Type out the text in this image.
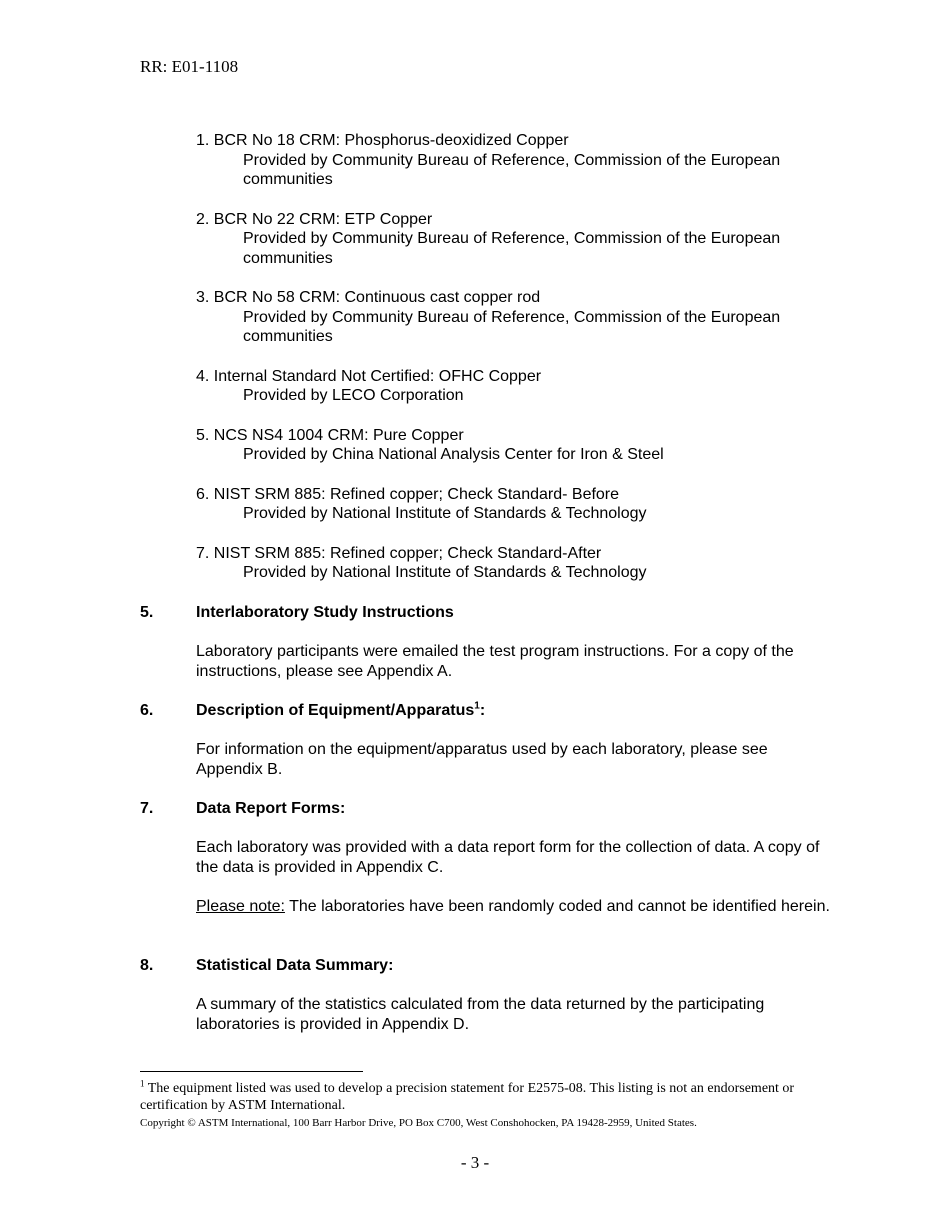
RR: E01-1108
1. BCR No 18 CRM: Phosphorus-deoxidized Copper
Provided by Community Bureau of Reference, Commission of the European communities
2. BCR No 22 CRM: ETP Copper
Provided by Community Bureau of Reference, Commission of the European communities
3. BCR No 58 CRM: Continuous cast copper rod
Provided by Community Bureau of Reference, Commission of the European communities
4. Internal Standard Not Certified: OFHC Copper
Provided by LECO Corporation
5. NCS NS4 1004 CRM: Pure Copper
Provided by China National Analysis Center for Iron & Steel
6. NIST SRM 885: Refined copper; Check Standard- Before
Provided by National Institute of Standards & Technology
7. NIST SRM 885: Refined copper; Check Standard-After
Provided by National Institute of Standards & Technology
5.	Interlaboratory Study Instructions

Laboratory participants were emailed the test program instructions. For a copy of the instructions, please see Appendix A.

6.	Description of Equipment/Apparatus$^1$:

For information on the equipment/apparatus used by each laboratory, please see Appendix B.

7.	Data Report Forms:

Each laboratory was provided with a data report form for the collection of data. A copy of the data is provided in Appendix C.

Please note: The laboratories have been randomly coded and cannot be identified herein.

8.	Statistical Data Summary:

A summary of the statistics calculated from the data returned by the participating laboratories is provided in Appendix D.

$^1$ The equipment listed was used to develop a precision statement for E2575-08. This listing is not an endorsement or certification by ASTM International.
Copyright © ASTM International, 100 Barr Harbor Drive, PO Box C700, West Conshohocken, PA 19428-2959, United States.
- 3 -
